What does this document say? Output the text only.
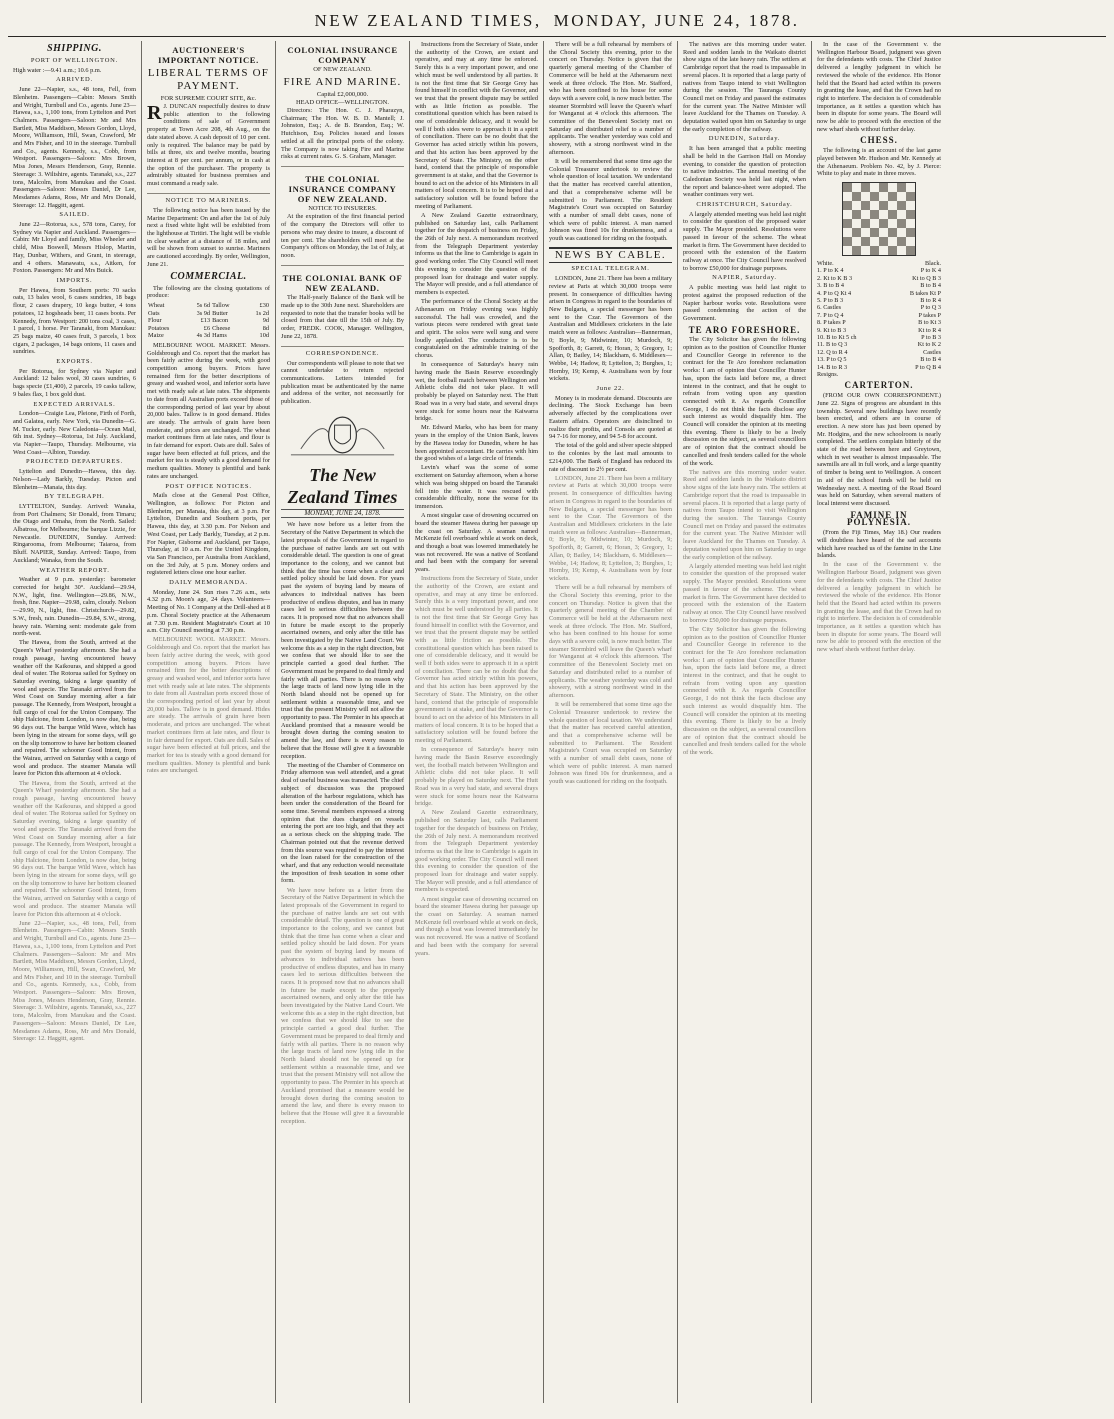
NEW ZEALAND TIMES, MONDAY, JUNE 24, 1878.
SHIPPING.
PORT OF WELLINGTON.

High water :—9.41 a.m.; 10.6 p.m.

ARRIVED.

June 22—Napier, s.s., 48 tons, Fell, from Blenheim. Passengers—Cabin: Messrs Smith and Wright, Turnbull and Co., agents. June 23—Hawea, s.s., 1,100 tons, from Lyttelton and Port Chalmers. Passengers—Saloon: Mr and Mrs Bartlett, Miss Maddison, Messrs Gordon, Lloyd, Moore, Williamson, Hill, Swan, Crawford, Mr and Mrs Fisher, and 10 in the steerage. Turnbull and Co., agents. Kennedy, s.s., Cobb, from Westport. Passengers—Saloon: Mrs Brown, Miss Jones, Messrs Henderson, Gray, Rennie. Steerage: 3. Wiltshire, agents. Taranaki, s.s., 227 tons, Malcolm, from Manukau and the Coast. Passengers—Saloon: Messrs Daniel, Dr Lee, Mesdames Adams, Ross, Mr and Mrs Donald, Steerage: 12. Haggitt, agent.

SAILED.

June 22—Rotorua, s.s., 578 tons, Carey, for Sydney via Napier and Auckland. Passengers—Cabin: Mr Lloyd and family, Miss Wheeler and child, Miss Boswell, Messrs Hislop, Martin, Hay, Dunbar, Withers, and Grant, in steerage, and 4 others. Manawatu, s.s., Aitken, for Foxton. Passengers: Mr and Mrs Buick.

IMPORTS.

Per Hawea, from Southern ports: 70 sacks oats, 13 bales wool, 6 cases sundries, 18 bags flour, 2 cases drapery, 10 kegs butter, 4 tons potatoes, 12 hogsheads beer, 11 cases boots. Per Kennedy, from Westport: 200 tons coal, 3 cases, 1 parcel, 1 horse. Per Taranaki, from Manukau: 25 bags maize, 40 cases fruit, 3 parcels, 1 box cigars, 2 packages, 14 bags onions, 11 cases and sundries.

EXPORTS.

Per Rotorua, for Sydney via Napier and Auckland: 12 bales wool, 30 cases sundries, 6 bags specie (£1,400), 2 parcels, 19 casks tallow, 9 bales flax, 1 box gold dust.

EXPECTED ARRIVALS.

London—Craigie Lea, Pleione, Firth of Forth, and Galatea, early. New York, via Dunedin—G. M. Tucker, early. New Caledonia—Ocean Mail, 6th inst. Sydney—Rotorua, 1st July. Auckland, via Napier—Taupo, Thursday. Melbourne, via West Coast—Albion, Tuesday.

PROJECTED DEPARTURES.

Lyttelton and Dunedin—Hawea, this day. Nelson—Lady Barkly, Tuesday. Picton and Blenheim—Manaia, this day.

BY TELEGRAPH.

LYTTELTON, Sunday. Arrived: Wanaka, from Port Chalmers; Sir Donald, from Timaru; the Otago and Omaha, from the North. Sailed: Albatross, for Melbourne; the barque Lizzie, for Newcastle. DUNEDIN, Sunday. Arrived: Ringarooma, from Melbourne; Taiaroa, from Bluff. NAPIER, Sunday. Arrived: Taupo, from Auckland; Wanaka, from the South.

WEATHER REPORT.

Weather at 9 p.m. yesterday: barometer corrected for height 30°. Auckland—29.94, N.W., light, fine. Wellington—29.86, N.W., fresh, fine. Napier—29.98, calm, cloudy. Nelson—29.90, N., light, fine. Christchurch—29.82, S.W., fresh, rain. Dunedin—29.84, S.W., strong, heavy rain. Warning sent: moderate gale from north-west.

The Hawea, from the South, arrived at the Queen's Wharf yesterday afternoon. She had a rough passage, having encountered heavy weather off the Kaikouras, and shipped a good deal of water. The Rotorua sailed for Sydney on Saturday evening, taking a large quantity of wool and specie. The Taranaki arrived from the West Coast on Sunday morning after a fair passage. The Kennedy, from Westport, brought a full cargo of coal for the Union Company. The ship Halcione, from London, is now due, being 96 days out. The barque Wild Wave, which has been lying in the stream for some days, will go on the slip tomorrow to have her bottom cleaned and repaired. The schooner Good Intent, from the Wairau, arrived on Saturday with a cargo of wool and produce. The steamer Manaia will leave for Picton this afternoon at 4 o'clock.

The Hawea, from the South, arrived at the Queen's Wharf yesterday afternoon. She had a rough passage, having encountered heavy weather off the Kaikouras, and shipped a good deal of water. The Rotorua sailed for Sydney on Saturday evening, taking a large quantity of wool and specie. The Taranaki arrived from the West Coast on Sunday morning after a fair passage. The Kennedy, from Westport, brought a full cargo of coal for the Union Company. The ship Halcione, from London, is now due, being 96 days out. The barque Wild Wave, which has been lying in the stream for some days, will go on the slip tomorrow to have her bottom cleaned and repaired. The schooner Good Intent, from the Wairau, arrived on Saturday with a cargo of wool and produce. The steamer Manaia will leave for Picton this afternoon at 4 o'clock.

June 22—Napier, s.s., 48 tons, Fell, from Blenheim. Passengers—Cabin: Messrs Smith and Wright, Turnbull and Co., agents. June 23—Hawea, s.s., 1,100 tons, from Lyttelton and Port Chalmers. Passengers—Saloon: Mr and Mrs Bartlett, Miss Maddison, Messrs Gordon, Lloyd, Moore, Williamson, Hill, Swan, Crawford, Mr and Mrs Fisher, and 10 in the steerage. Turnbull and Co., agents. Kennedy, s.s., Cobb, from Westport. Passengers—Saloon: Mrs Brown, Miss Jones, Messrs Henderson, Gray, Rennie. Steerage: 3. Wiltshire, agents. Taranaki, s.s., 227 tons, Malcolm, from Manukau and the Coast. Passengers—Saloon: Messrs Daniel, Dr Lee, Mesdames Adams, Ross, Mr and Mrs Donald, Steerage: 12. Haggitt, agent.

AUCTIONEER'S IMPORTANT NOTICE.
LIBERAL TERMS OF PAYMENT.
FOR SUPREME COURT SITE, &c.

R J. DUNCAN respectfully desires to draw public attention to the following conditions of sale of Government property at Town Acre 208, 4th Aug., on the date stated above. A cash deposit of 10 per cent. only is required. The balance may be paid by bills at three, six and twelve months, bearing interest at 8 per cent. per annum, or in cash at the option of the purchaser. The property is admirably situated for business premises and must command a ready sale.

NOTICE TO MARINERS.

The following notice has been issued by the Marine Department: On and after the 1st of July next a fixed white light will be exhibited from the lighthouse at Tiritiri. The light will be visible in clear weather at a distance of 18 miles, and will be shown from sunset to sunrise. Mariners are cautioned accordingly. By order, Wellington, June 21.

COMMERCIAL.

The following are the closing quotations of produce:

Wheat	5s 6d	Tallow	£30
Oats	3s 9d	Butter	1s 2d
Flour	£13	Bacon	9d
Potatoes	£6	Cheese	8d
Maize	4s 3d	Hams	10d

MELBOURNE WOOL MARKET. Messrs. Goldsbrough and Co. report that the market has been fairly active during the week, with good competition among buyers. Prices have remained firm for the better descriptions of greasy and washed wool, and inferior sorts have met with ready sale at late rates. The shipments to date from all Australian ports exceed those of the corresponding period of last year by about 20,000 bales. Tallow is in good demand. Hides are steady. The arrivals of grain have been moderate, and prices are unchanged. The wheat market continues firm at late rates, and flour is in fair demand for export. Oats are dull. Sales of sugar have been effected at full prices, and the market for tea is steady with a good demand for medium qualities. Money is plentiful and bank rates are unchanged.

POST OFFICE NOTICES.

Mails close at the General Post Office, Wellington, as follows: For Picton and Blenheim, per Manaia, this day, at 3 p.m. For Lyttelton, Dunedin and Southern ports, per Hawea, this day, at 3.30 p.m. For Nelson and West Coast, per Lady Barkly, Tuesday, at 2 p.m. For Napier, Gisborne and Auckland, per Taupo, Thursday, at 10 a.m. For the United Kingdom, via San Francisco, per Australia from Auckland, on the 3rd July, at 5 p.m. Money orders and registered letters close one hour earlier.

DAILY MEMORANDA.

Monday, June 24. Sun rises 7.26 a.m., sets 4.32 p.m. Moon's age, 24 days. Volunteers—Meeting of No. 1 Company at the Drill-shed at 8 p.m. Choral Society practice at the Athenaeum at 7.30 p.m. Resident Magistrate's Court at 10 a.m. City Council meeting at 7.30 p.m.

MELBOURNE WOOL MARKET. Messrs. Goldsbrough and Co. report that the market has been fairly active during the week, with good competition among buyers. Prices have remained firm for the better descriptions of greasy and washed wool, and inferior sorts have met with ready sale at late rates. The shipments to date from all Australian ports exceed those of the corresponding period of last year by about 20,000 bales. Tallow is in good demand. Hides are steady. The arrivals of grain have been moderate, and prices are unchanged. The wheat market continues firm at late rates, and flour is in fair demand for export. Oats are dull. Sales of sugar have been effected at full prices, and the market for tea is steady with a good demand for medium qualities. Money is plentiful and bank rates are unchanged.

COLONIAL INSURANCE COMPANY
OF NEW ZEALAND.
FIRE AND MARINE.
Capital £2,000,000.
HEAD OFFICE—WELLINGTON.

Directors: The Hon. C. J. Pharazyn, Chairman; The Hon. W. B. D. Mantell; J. Johnston, Esq.; A. de B. Brandon, Esq.; W. Hutchison, Esq. Policies issued and losses settled at all the principal ports of the colony. The Company is now taking Fire and Marine risks at current rates. G. S. Graham, Manager.

THE COLONIAL INSURANCE COMPANY OF NEW ZEALAND.
NOTICE TO INSURERS.

At the expiration of the first financial period of the company the Directors will offer to persons who may desire to insure, a discount of ten per cent. The shareholders will meet at the Company's offices on Monday, the 1st of July, at noon.

THE COLONIAL BANK OF NEW ZEALAND.

The Half-yearly Balance of the Bank will be made up to the 30th June next. Shareholders are requested to note that the transfer books will be closed from that date till the 15th of July. By order, FREDK. COOK, Manager. Wellington, June 22, 1878.

CORRESPONDENCE.

Our correspondents will please to note that we cannot undertake to return rejected communications. Letters intended for publication must be authenticated by the name and address of the writer, not necessarily for publication.

The New Zealand Times
MONDAY, JUNE 24, 1878.

We have now before us a letter from the Secretary of the Native Department in which the latest proposals of the Government in regard to the purchase of native lands are set out with considerable detail. The question is one of great importance to the colony, and we cannot but think that the time has come when a clear and settled policy should be laid down. For years past the system of buying land by means of advances to individual natives has been productive of endless disputes, and has in many cases led to serious difficulties between the races. It is proposed now that no advances shall in future be made except to the properly ascertained owners, and only after the title has been investigated by the Native Land Court. We welcome this as a step in the right direction, but we confess that we should like to see the principle carried a good deal further. The Government must be prepared to deal firmly and fairly with all parties. There is no reason why the large tracts of land now lying idle in the North Island should not be opened up for settlement within a reasonable time, and we trust that the present Ministry will not allow the opportunity to pass. The Premier in his speech at Auckland promised that a measure would be brought down during the coming session to amend the law, and there is every reason to believe that the House will give it a favourable reception.

The meeting of the Chamber of Commerce on Friday afternoon was well attended, and a great deal of useful business was transacted. The chief subject of discussion was the proposed alteration of the harbour regulations, which has been under the consideration of the Board for some time. Several members expressed a strong opinion that the dues charged on vessels entering the port are too high, and that they act as a serious check on the shipping trade. The Chairman pointed out that the revenue derived from this source was required to pay the interest on the loan raised for the construction of the wharf, and that any reduction would necessitate the imposition of fresh taxation in some other form.

We have now before us a letter from the Secretary of the Native Department in which the latest proposals of the Government in regard to the purchase of native lands are set out with considerable detail. The question is one of great importance to the colony, and we cannot but think that the time has come when a clear and settled policy should be laid down. For years past the system of buying land by means of advances to individual natives has been productive of endless disputes, and has in many cases led to serious difficulties between the races. It is proposed now that no advances shall in future be made except to the properly ascertained owners, and only after the title has been investigated by the Native Land Court. We welcome this as a step in the right direction, but we confess that we should like to see the principle carried a good deal further. The Government must be prepared to deal firmly and fairly with all parties. There is no reason why the large tracts of land now lying idle in the North Island should not be opened up for settlement within a reasonable time, and we trust that the present Ministry will not allow the opportunity to pass. The Premier in his speech at Auckland promised that a measure would be brought down during the coming session to amend the law, and there is every reason to believe that the House will give it a favourable reception.

Instructions from the Secretary of State, under the authority of the Crown, are extant and operative, and may at any time be enforced. Surely this is a very important power, and one which must be well understood by all parties. It is not the first time that Sir George Grey has found himself in conflict with the Governor, and we trust that the present dispute may be settled with as little friction as possible. The constitutional question which has been raised is one of considerable delicacy, and it would be well if both sides were to approach it in a spirit of conciliation. There can be no doubt that the Governor has acted strictly within his powers, and that his action has been approved by the Secretary of State. The Ministry, on the other hand, contend that the principle of responsible government is at stake, and that the Governor is bound to act on the advice of his Ministers in all matters of local concern. It is to be hoped that a satisfactory solution will be found before the meeting of Parliament.

A New Zealand Gazette extraordinary, published on Saturday last, calls Parliament together for the despatch of business on Friday, the 26th of July next. A memorandum received from the Telegraph Department yesterday informs us that the line to Cambridge is again in good working order. The City Council will meet this evening to consider the question of the proposed loan for drainage and water supply. The Mayor will preside, and a full attendance of members is expected.

The performance of the Choral Society at the Athenaeum on Friday evening was highly successful. The hall was crowded, and the various pieces were rendered with great taste and spirit. The solos were well sung and were loudly applauded. The conductor is to be congratulated on the admirable training of the chorus.

In consequence of Saturday's heavy rain having made the Basin Reserve exceedingly wet, the football match between Wellington and Athletic clubs did not take place. It will probably be played on Saturday next. The Hutt Road was in a very bad state, and several drays were stuck for some hours near the Kaiwarra bridge.

Mr. Edward Marks, who has been for many years in the employ of the Union Bank, leaves by the Hawea today for Dunedin, where he has been appointed accountant. He carries with him the good wishes of a large circle of friends.

Levin's wharf was the scene of some excitement on Saturday afternoon, when a horse which was being shipped on board the Taranaki fell into the water. It was rescued with considerable difficulty, none the worse for its immersion.

A most singular case of drowning occurred on board the steamer Hawea during her passage up the coast on Saturday. A seaman named McKenzie fell overboard while at work on deck, and though a boat was lowered immediately he was not recovered. He was a native of Scotland and had been with the company for several years.

Instructions from the Secretary of State, under the authority of the Crown, are extant and operative, and may at any time be enforced. Surely this is a very important power, and one which must be well understood by all parties. It is not the first time that Sir George Grey has found himself in conflict with the Governor, and we trust that the present dispute may be settled with as little friction as possible. The constitutional question which has been raised is one of considerable delicacy, and it would be well if both sides were to approach it in a spirit of conciliation. There can be no doubt that the Governor has acted strictly within his powers, and that his action has been approved by the Secretary of State. The Ministry, on the other hand, contend that the principle of responsible government is at stake, and that the Governor is bound to act on the advice of his Ministers in all matters of local concern. It is to be hoped that a satisfactory solution will be found before the meeting of Parliament.

In consequence of Saturday's heavy rain having made the Basin Reserve exceedingly wet, the football match between Wellington and Athletic clubs did not take place. It will probably be played on Saturday next. The Hutt Road was in a very bad state, and several drays were stuck for some hours near the Kaiwarra bridge.

A New Zealand Gazette extraordinary, published on Saturday last, calls Parliament together for the despatch of business on Friday, the 26th of July next. A memorandum received from the Telegraph Department yesterday informs us that the line to Cambridge is again in good working order. The City Council will meet this evening to consider the question of the proposed loan for drainage and water supply. The Mayor will preside, and a full attendance of members is expected.

A most singular case of drowning occurred on board the steamer Hawea during her passage up the coast on Saturday. A seaman named McKenzie fell overboard while at work on deck, and though a boat was lowered immediately he was not recovered. He was a native of Scotland and had been with the company for several years.

There will be a full rehearsal by members of the Choral Society this evening, prior to the concert on Thursday. Notice is given that the quarterly general meeting of the Chamber of Commerce will be held at the Athenaeum next week at three o'clock. The Hon. Mr. Stafford, who has been confined to his house for some days with a severe cold, is now much better. The steamer Stormbird will leave the Queen's wharf for Wanganui at 4 o'clock this afternoon. The committee of the Benevolent Society met on Saturday and distributed relief to a number of applicants. The weather yesterday was cold and showery, with a strong northwest wind in the afternoon.

It will be remembered that some time ago the Colonial Treasurer undertook to review the whole question of local taxation. We understand that the matter has received careful attention, and that a comprehensive scheme will be submitted to Parliament. The Resident Magistrate's Court was occupied on Saturday with a number of small debt cases, none of which were of public interest. A man named Johnson was fined 10s for drunkenness, and a youth was cautioned for riding on the footpath.

NEWS BY CABLE.
SPECIAL TELEGRAM.

LONDON, June 21. There has been a military review at Paris at which 30,000 troops were present. In consequence of difficulties having arisen in Congress in regard to the boundaries of New Bulgaria, a special messenger has been sent to the Czar. The Governors of the Australian and Middlesex cricketers in the late match were as follows: Australian—Bannerman, 0; Boyle, 9; Midwinter, 10; Murdoch, 9; Spofforth, 8; Garrett, 6; Horan, 3; Gregory, 1; Allan, 0; Bailey, 14; Blackham, 6. Middlesex—Webbe, 14; Hadow, 8; Lyttelton, 3; Burghes, 1; Hornby, 19; Kemp, 4. Australians won by four wickets.

June 22.

Money is in moderate demand. Discounts are declining. The Stock Exchange has been adversely affected by the complications over Eastern affairs. Operators are disinclined to realize their profits, and Consols are quoted at 94 7-16 for money, and 94 5-8 for account.

The total of the gold and silver specie shipped to the colonies by the last mail amounts to £214,000. The Bank of England has reduced its rate of discount to 2½ per cent.

LONDON, June 21. There has been a military review at Paris at which 30,000 troops were present. In consequence of difficulties having arisen in Congress in regard to the boundaries of New Bulgaria, a special messenger has been sent to the Czar. The Governors of the Australian and Middlesex cricketers in the late match were as follows: Australian—Bannerman, 0; Boyle, 9; Midwinter, 10; Murdoch, 9; Spofforth, 8; Garrett, 6; Horan, 3; Gregory, 1; Allan, 0; Bailey, 14; Blackham, 6. Middlesex—Webbe, 14; Hadow, 8; Lyttelton, 3; Burghes, 1; Hornby, 19; Kemp, 4. Australians won by four wickets.

There will be a full rehearsal by members of the Choral Society this evening, prior to the concert on Thursday. Notice is given that the quarterly general meeting of the Chamber of Commerce will be held at the Athenaeum next week at three o'clock. The Hon. Mr. Stafford, who has been confined to his house for some days with a severe cold, is now much better. The steamer Stormbird will leave the Queen's wharf for Wanganui at 4 o'clock this afternoon. The committee of the Benevolent Society met on Saturday and distributed relief to a number of applicants. The weather yesterday was cold and showery, with a strong northwest wind in the afternoon.

It will be remembered that some time ago the Colonial Treasurer undertook to review the whole question of local taxation. We understand that the matter has received careful attention, and that a comprehensive scheme will be submitted to Parliament. The Resident Magistrate's Court was occupied on Saturday with a number of small debt cases, none of which were of public interest. A man named Johnson was fined 10s for drunkenness, and a youth was cautioned for riding on the footpath.

The natives are this morning under water. Reed and sodden lands in the Waikato district show signs of the late heavy rain. The settlers at Cambridge report that the road is impassable in several places. It is reported that a large party of natives from Taupo intend to visit Wellington during the session. The Tauranga County Council met on Friday and passed the estimates for the current year. The Native Minister will leave Auckland for the Thames on Tuesday. A deputation waited upon him on Saturday to urge the early completion of the railway.

DUNEDIN, Saturday.

It has been arranged that a public meeting shall be held in the Garrison Hall on Monday evening, to consider the question of protection to native industries. The annual meeting of the Caledonian Society was held last night, when the report and balance-sheet were adopted. The weather continues very wet.

CHRISTCHURCH, Saturday.

A largely attended meeting was held last night to consider the question of the proposed water supply. The Mayor presided. Resolutions were passed in favour of the scheme. The wheat market is firm. The Government have decided to proceed with the extension of the Eastern railway at once. The City Council have resolved to borrow £50,000 for drainage purposes.

NAPIER, Saturday.

A public meeting was held last night to protest against the proposed reduction of the Napier harbour works vote. Resolutions were passed condemning the action of the Government.

TE ARO FORESHORE.

The City Solicitor has given the following opinion as to the position of Councillor Hunter and Councillor George in reference to the contract for the Te Aro foreshore reclamation works: I am of opinion that Councillor Hunter has, upon the facts laid before me, a direct interest in the contract, and that he ought to refrain from voting upon any question connected with it. As regards Councillor George, I do not think the facts disclose any such interest as would disqualify him. The Council will consider the opinion at its meeting this evening. There is likely to be a lively discussion on the subject, as several councillors are of opinion that the contract should be cancelled and fresh tenders called for the whole of the work.

The natives are this morning under water. Reed and sodden lands in the Waikato district show signs of the late heavy rain. The settlers at Cambridge report that the road is impassable in several places. It is reported that a large party of natives from Taupo intend to visit Wellington during the session. The Tauranga County Council met on Friday and passed the estimates for the current year. The Native Minister will leave Auckland for the Thames on Tuesday. A deputation waited upon him on Saturday to urge the early completion of the railway.

A largely attended meeting was held last night to consider the question of the proposed water supply. The Mayor presided. Resolutions were passed in favour of the scheme. The wheat market is firm. The Government have decided to proceed with the extension of the Eastern railway at once. The City Council have resolved to borrow £50,000 for drainage purposes.

The City Solicitor has given the following opinion as to the position of Councillor Hunter and Councillor George in reference to the contract for the Te Aro foreshore reclamation works: I am of opinion that Councillor Hunter has, upon the facts laid before me, a direct interest in the contract, and that he ought to refrain from voting upon any question connected with it. As regards Councillor George, I do not think the facts disclose any such interest as would disqualify him. The Council will consider the opinion at its meeting this evening. There is likely to be a lively discussion on the subject, as several councillors are of opinion that the contract should be cancelled and fresh tenders called for the whole of the work.

In the case of the Government v. the Wellington Harbour Board, judgment was given for the defendants with costs. The Chief Justice delivered a lengthy judgment in which he reviewed the whole of the evidence. His Honor held that the Board had acted within its powers in granting the lease, and that the Crown had no right to interfere. The decision is of considerable importance, as it settles a question which has been in dispute for some years. The Board will now be able to proceed with the erection of the new wharf sheds without further delay.

CHESS.

The following is an account of the last game played between Mr. Hudson and Mr. Kennedy at the Athenaeum. Problem No. 42, by J. Pierce: White to play and mate in three moves.

White.	Black.
1. P to K 4	P to K 4
2. Kt to K B 3	Kt to Q B 3
3. B to B 4	B to B 4
4. P to Q Kt 4	B takes Kt P
5. P to B 3	B to R 4
6. Castles	P to Q 3
7. P to Q 4	P takes P
8. P takes P	B to Kt 3
9. Kt to B 3	Kt to R 4
10. B to Kt 5 ch	P to B 3
11. B to Q 3	Kt to K 2
12. Q to R 4	Castles
13. P to Q 5	B to B 4
14. B to R 3	P to Q B 4
Resigns.
CARTERTON.

(FROM OUR OWN CORRESPONDENT.) June 22. Signs of progress are abundant in this township. Several new buildings have recently been erected, and others are in course of erection. A new store has just been opened by Mr. Hodgins, and the new schoolroom is nearly completed. The settlers complain bitterly of the state of the road between here and Greytown, which in wet weather is almost impassable. The sawmills are all in full work, and a large quantity of timber is being sent to Wellington. A concert in aid of the school funds will be held on Wednesday next. A meeting of the Road Board was held on Saturday, when several matters of local interest were discussed.

FAMINE IN POLYNESIA.

(From the Fiji Times, May 18.) Our readers will doubtless have heard of the sad accounts which have reached us of the famine in the Line Islands.

In the case of the Government v. the Wellington Harbour Board, judgment was given for the defendants with costs. The Chief Justice delivered a lengthy judgment in which he reviewed the whole of the evidence. His Honor held that the Board had acted within its powers in granting the lease, and that the Crown had no right to interfere. The decision is of considerable importance, as it settles a question which has been in dispute for some years. The Board will now be able to proceed with the erection of the new wharf sheds without further delay.
